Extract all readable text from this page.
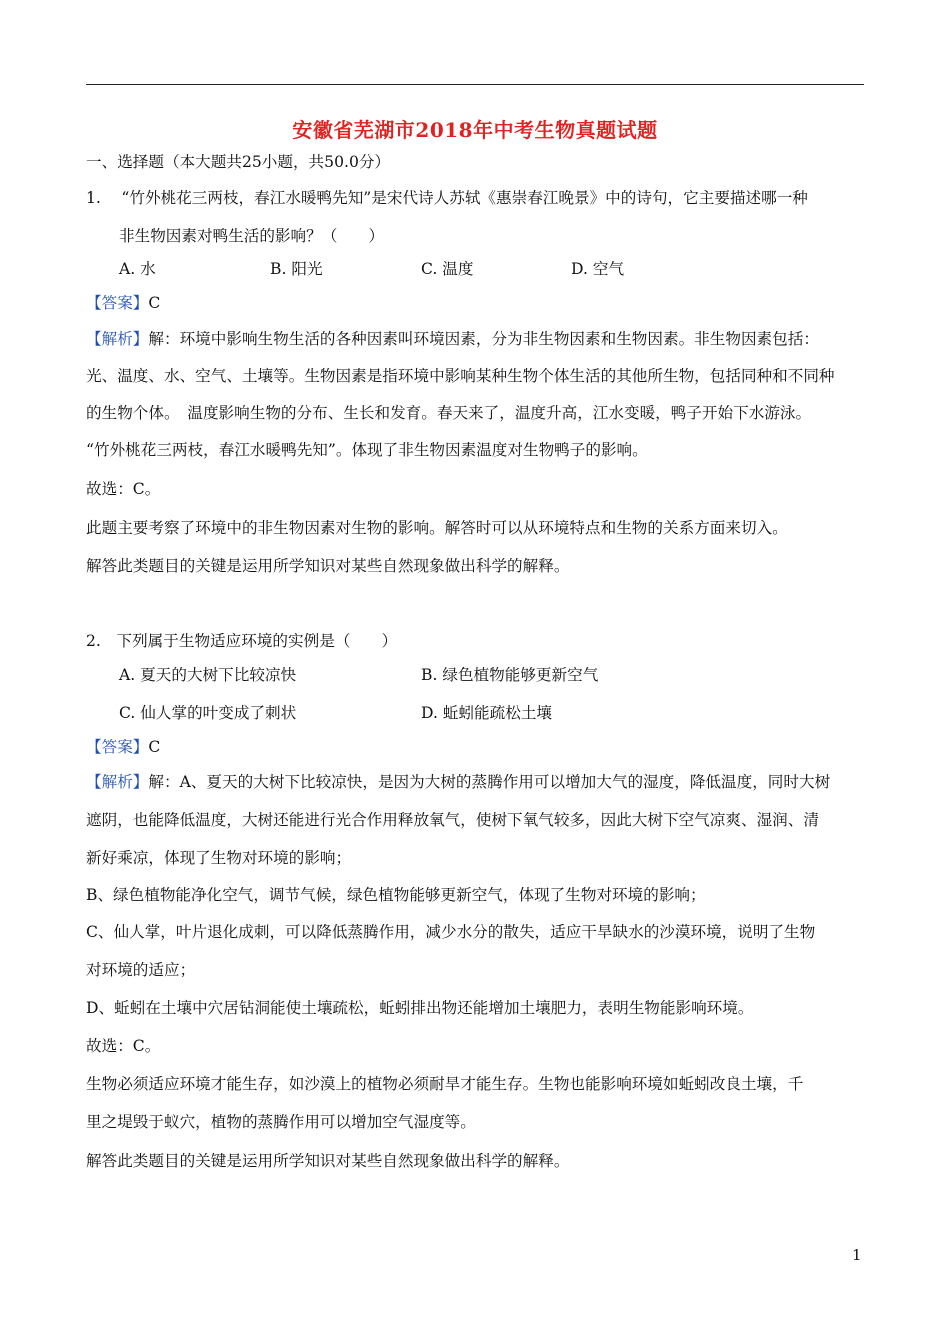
安徽省芜湖市2018年中考生物真题试题
一、选择题（本大题共25小题，共50.0分）
1.　 “竹外桃花三两枝，春江水暖鸭先知”是宋代诗人苏轼《惠崇春江晚景》中的诗句，它主要描述哪一种
非生物因素对鸭生活的影响？（　　）
A. 水	B. 阳光	C. 温度	D. 空气
【答案】C
【解析】解：环境中影响生物生活的各种因素叫环境因素，分为非生物因素和生物因素。非生物因素包括：
光、温度、水、空气、土壤等。生物因素是指环境中影响某种生物个体生活的其他所生物，包括同种和不同种
的生物个体。　温度影响生物的分布、生长和发育。春天来了，温度升高，江水变暖，鸭子开始下水游泳。
“竹外桃花三两枝，春江水暖鸭先知”。体现了非生物因素温度对生物鸭子的影响。
故选：C。
此题主要考察了环境中的非生物因素对生物的影响。解答时可以从环境特点和生物的关系方面来切入。
解答此类题目的关键是运用所学知识对某些自然现象做出科学的解释。
2.　下列属于生物适应环境的实例是（　　）
A. 夏天的大树下比较凉快	B. 绿色植物能够更新空气
C. 仙人掌的叶变成了刺状	D. 蚯蚓能疏松土壤
【答案】C
【解析】解：A、夏天的大树下比较凉快，是因为大树的蒸腾作用可以增加大气的湿度，降低温度，同时大树
遮阴，也能降低温度，大树还能进行光合作用释放氧气，使树下氧气较多，因此大树下空气凉爽、湿润、清
新好乘凉，体现了生物对环境的影响；
B、绿色植物能净化空气，调节气候，绿色植物能够更新空气，体现了生物对环境的影响；
C、仙人掌，叶片退化成刺，可以降低蒸腾作用，减少水分的散失，适应干旱缺水的沙漠环境，说明了生物
对环境的适应；
D、蚯蚓在土壤中穴居钻洞能使土壤疏松，蚯蚓排出物还能增加土壤肥力，表明生物能影响环境。
故选：C。
生物必须适应环境才能生存，如沙漠上的植物必须耐旱才能生存。生物也能影响环境如蚯蚓改良土壤，千
里之堤毁于蚁穴，植物的蒸腾作用可以增加空气湿度等。
解答此类题目的关键是运用所学知识对某些自然现象做出科学的解释。
1
